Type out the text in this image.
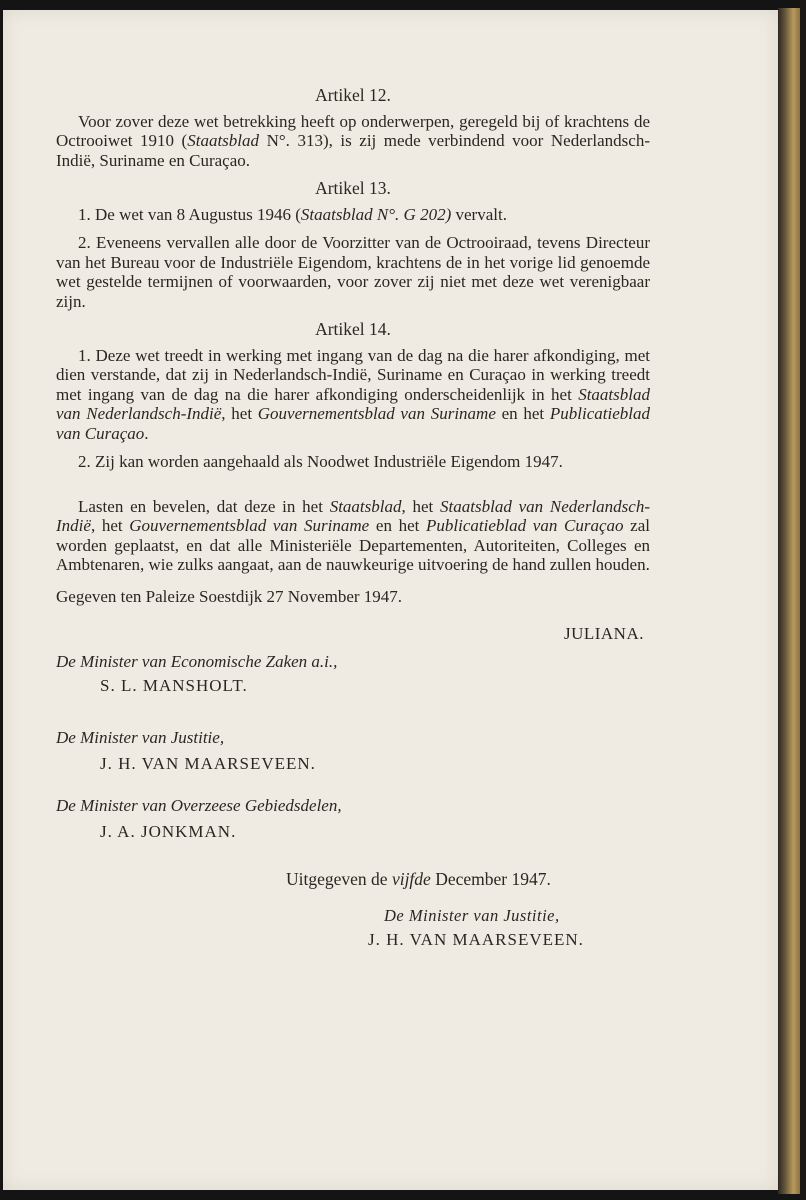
Artikel 12.

Voor zover deze wet betrekking heeft op onderwerpen, geregeld bij of krachtens de Octrooiwet 1910 (Staatsblad N°. 313), is zij mede verbindend voor Nederlandsch-Indië, Suriname en Curaçao.

Artikel 13.

1. De wet van 8 Augustus 1946 (Staatsblad N°. G 202) vervalt.

2. Eveneens vervallen alle door de Voorzitter van de Octrooiraad, tevens Directeur van het Bureau voor de Industriële Eigendom, krachtens de in het vorige lid genoemde wet gestelde termijnen of voorwaarden, voor zover zij niet met deze wet verenigbaar zijn.

Artikel 14.

1. Deze wet treedt in werking met ingang van de dag na die harer afkondiging, met dien verstande, dat zij in Nederlandsch-Indië, Suriname en Curaçao in werking treedt met ingang van de dag na die harer afkondiging onderscheidenlijk in het Staatsblad van Nederlandsch-Indië, het Gouvernementsblad van Suriname en het Publicatieblad van Curaçao.

2. Zij kan worden aangehaald als Noodwet Industriële Eigendom 1947.

Lasten en bevelen, dat deze in het Staatsblad, het Staatsblad van Nederlandsch-Indië, het Gouvernementsblad van Suriname en het Publicatieblad van Curaçao zal worden geplaatst, en dat alle Ministeriële Departementen, Autoriteiten, Colleges en Ambtenaren, wie zulks aangaat, aan de nauwkeurige uitvoering de hand zullen houden.

Gegeven ten Paleize Soestdijk 27 November 1947.

JULIANA.
De Minister van Economische Zaken a.i.,
S. L. MANSHOLT.
De Minister van Justitie,
J. H. VAN MAARSEVEEN.
De Minister van Overzeese Gebiedsdelen,
J. A. JONKMAN.
Uitgegeven de vijfde December 1947.
De Minister van Justitie,
J. H. VAN MAARSEVEEN.
